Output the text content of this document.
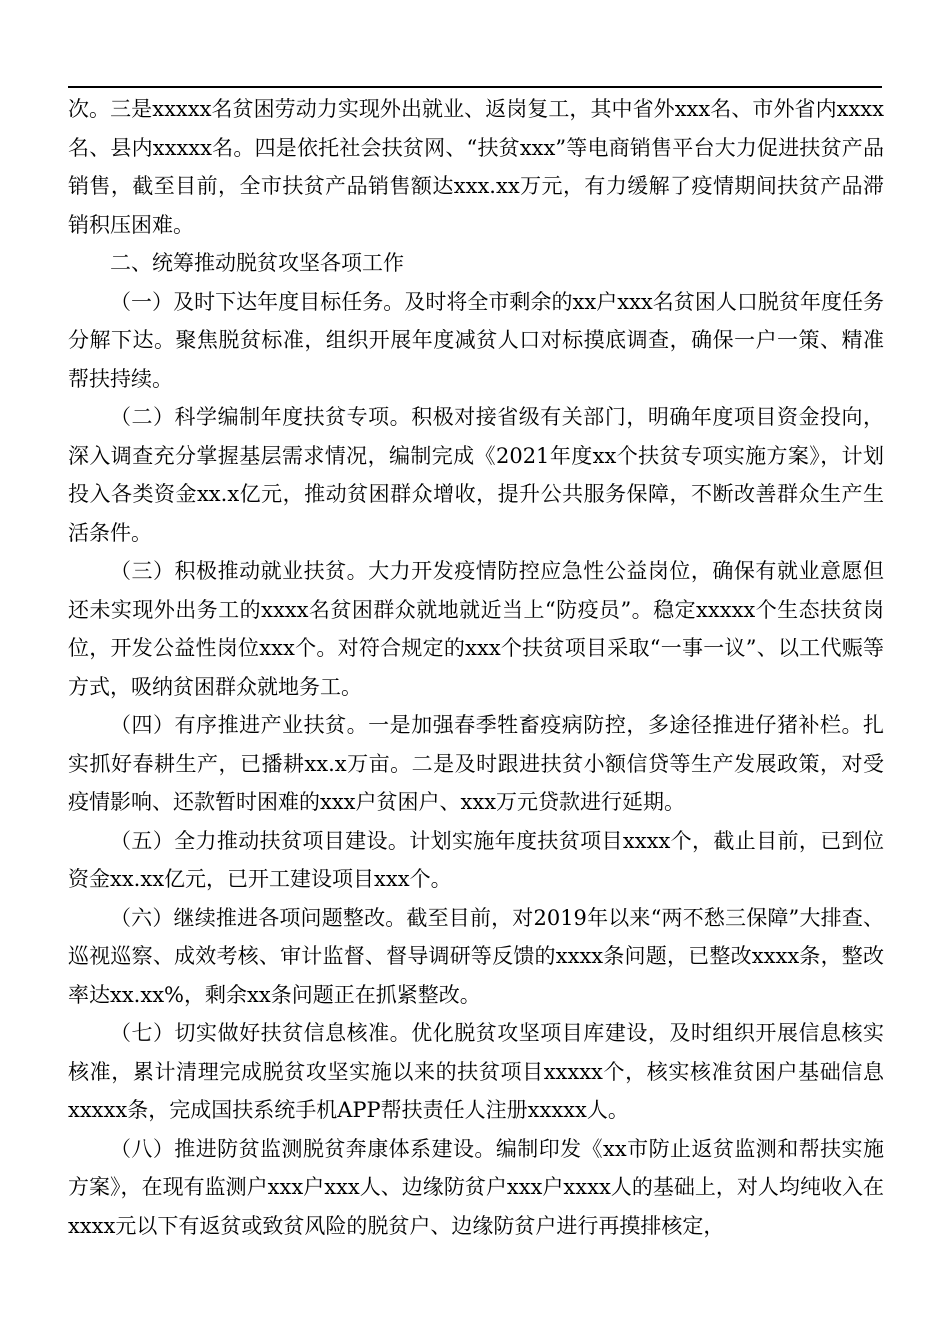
次。三是xxxxx名贫困劳动力实现外出就业、返岗复工，其中省外xxx名、市外省内xxxx名、县内xxxxx名。四是依托社会扶贫网、“扶贫xxx”等电商销售平台大力促进扶贫产品销售，截至目前，全市扶贫产品销售额达xxx.xx万元，有力缓解了疫情期间扶贫产品滞销积压困难。

二、统筹推动脱贫攻坚各项工作

（一）及时下达年度目标任务。及时将全市剩余的xx户xxx名贫困人口脱贫年度任务分解下达。聚焦脱贫标准，组织开展年度减贫人口对标摸底调查，确保一户一策、精准帮扶持续。

（二）科学编制年度扶贫专项。积极对接省级有关部门，明确年度项目资金投向，深入调查充分掌握基层需求情况，编制完成《2021年度xx个扶贫专项实施方案》，计划投入各类资金xx.x亿元，推动贫困群众增收，提升公共服务保障，不断改善群众生产生活条件。

（三）积极推动就业扶贫。大力开发疫情防控应急性公益岗位，确保有就业意愿但还未实现外出务工的xxxx名贫困群众就地就近当上“防疫员”。稳定xxxxx个生态扶贫岗位，开发公益性岗位xxx个。对符合规定的xxx个扶贫项目采取“一事一议”、以工代赈等方式，吸纳贫困群众就地务工。

（四）有序推进产业扶贫。一是加强春季牲畜疫病防控，多途径推进仔猪补栏。扎实抓好春耕生产，已播耕xx.x万亩。二是及时跟进扶贫小额信贷等生产发展政策，对受疫情影响、还款暂时困难的xxx户贫困户、xxx万元贷款进行延期。

（五）全力推动扶贫项目建设。计划实施年度扶贫项目xxxx个，截止目前，已到位资金xx.xx亿元，已开工建设项目xxx个。

（六）继续推进各项问题整改。截至目前，对2019年以来“两不愁三保障”大排查、巡视巡察、成效考核、审计监督、督导调研等反馈的xxxx条问题，已整改xxxx条，整改率达xx.xx%，剩余xx条问题正在抓紧整改。

（七）切实做好扶贫信息核准。优化脱贫攻坚项目库建设，及时组织开展信息核实核准，累计清理完成脱贫攻坚实施以来的扶贫项目xxxxx个，核实核准贫困户基础信息xxxxx条，完成国扶系统手机APP帮扶责任人注册xxxxx人。

（八）推进防贫监测脱贫奔康体系建设。编制印发《xx市防止返贫监测和帮扶实施方案》，在现有监测户xxx户xxx人、边缘防贫户xxx户xxxx人的基础上，对人均纯收入在xxxx元以下有返贫或致贫风险的脱贫户、边缘防贫户进行再摸排核定，
